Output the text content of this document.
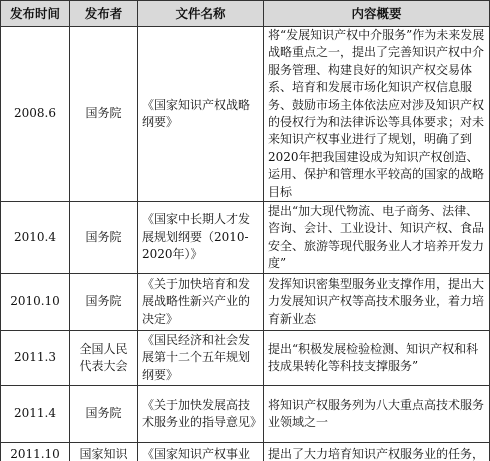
发布时间	发布者	文件名称	内容概要
2008.6	国务院	《国家知识产权战略纲要》	将“发展知识产权中介服务”作为未来发展战略重点之一，提出了完善知识产权中介服务管理、构建良好的知识产权交易体系、培育和发展市场化知识产权信息服务、鼓励市场主体依法应对涉及知识产权的侵权行为和法律诉讼等具体要求；对未来知识产权事业进行了规划，明确了到2020年把我国建设成为知识产权创造、运用、保护和管理水平较高的国家的战略目标
2010.4	国务院	《国家中长期人才发展规划纲要（2010-2020年）》	提出“加大现代物流、电子商务、法律、咨询、会计、工业设计、知识产权、食品安全、旅游等现代服务业人才培养开发力度”
2010.10	国务院	《关于加快培育和发展战略性新兴产业的决定》	发挥知识密集型服务业支撑作用，提出大力发展知识产权等高技术服务业，着力培育新业态
2011.3	全国人民代表大会	《国民经济和社会发展第十二个五年规划纲要》	提出“积极发展检验检测、知识产权和科技成果转化等科技支撑服务”
2011.4	国务院	《关于加快发展高技术服务业的指导意见》	将知识产权服务列为八大重点高技术服务业领域之一
2011.10	国家知识	《国家知识产权事业	提出了大力培育知识产权服务业的任务，
